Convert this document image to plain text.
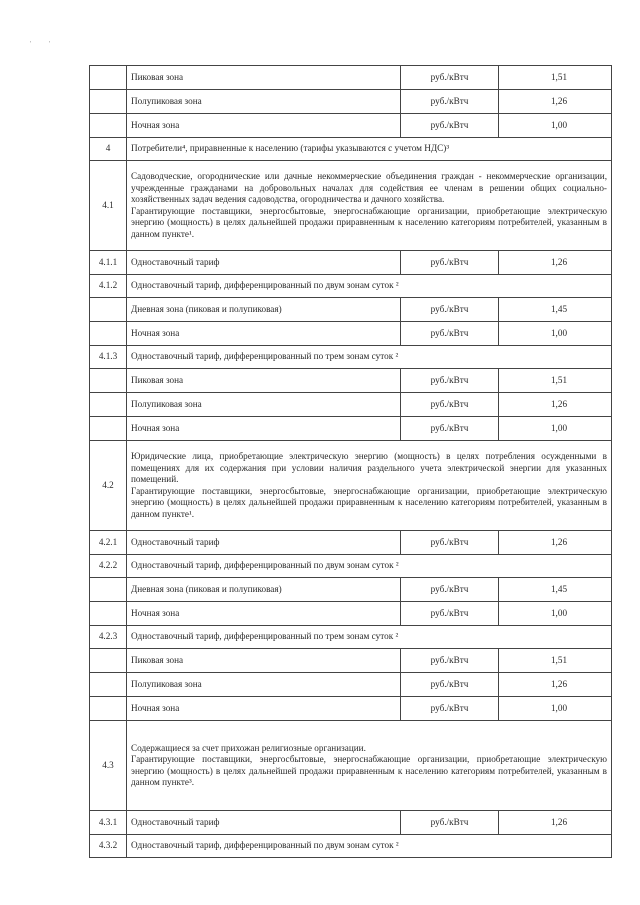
' '
	Пиковая зона	руб./кВтч	1,51
	Полупиковая зона	руб./кВтч	1,26
	Ночная зона	руб./кВтч	1,00
4	Потребители⁴, приравненные к населению (тарифы указываются с учетом НДС)³		
4.1	Садоводческие, огороднические или дачные некоммерческие объединения граждан - некоммерческие организации, учрежденные гражданами на добровольных началах для содействия ее членам в решении общих социально-хозяйственных задач ведения садоводства, огородничества и дачного хозяйства.

Гарантирующие поставщики, энергосбытовые, энергоснабжающие организации, приобретающие электрическую энергию (мощность) в целях дальнейшей продажи приравненным к населению категориям потребителей, указанным в данном пункте¹.		

4.1.1	Одноставочный тариф	руб./кВтч	1,26
4.1.2	Одноставочный тариф, дифференцированный по двум зонам суток ²		
	Дневная зона (пиковая и полупиковая)	руб./кВтч	1,45
	Ночная зона	руб./кВтч	1,00
4.1.3	Одноставочный тариф, дифференцированный по трем зонам суток ²		
	Пиковая зона	руб./кВтч	1,51
	Полупиковая зона	руб./кВтч	1,26
	Ночная зона	руб./кВтч	1,00
4.2	Юридические лица, приобретающие электрическую энергию (мощность) в целях потребления осужденными в помещениях для их содержания при условии наличия раздельного учета электрической энергии для указанных помещений.

Гарантирующие поставщики, энергосбытовые, энергоснабжающие организации, приобретающие электрическую энергию (мощность) в целях дальнейшей продажи приравненным к населению категориям потребителей, указанным в данном пункте¹.		

4.2.1	Одноставочный тариф	руб./кВтч	1,26
4.2.2	Одноставочный тариф, дифференцированный по двум зонам суток ²		
	Дневная зона (пиковая и полупиковая)	руб./кВтч	1,45
	Ночная зона	руб./кВтч	1,00
4.2.3	Одноставочный тариф, дифференцированный по трем зонам суток ²		
	Пиковая зона	руб./кВтч	1,51
	Полупиковая зона	руб./кВтч	1,26
	Ночная зона	руб./кВтч	1,00
4.3	Содержащиеся за счет прихожан религиозные организации.

Гарантирующие поставщики, энергосбытовые, энергоснабжающие организации, приобретающие электрическую энергию (мощность) в целях дальнейшей продажи приравненным к населению категориям потребителей, указанным в данном пункте³.		

4.3.1	Одноставочный тариф	руб./кВтч	1,26
4.3.2	Одноставочный тариф, дифференцированный по двум зонам суток ²		
